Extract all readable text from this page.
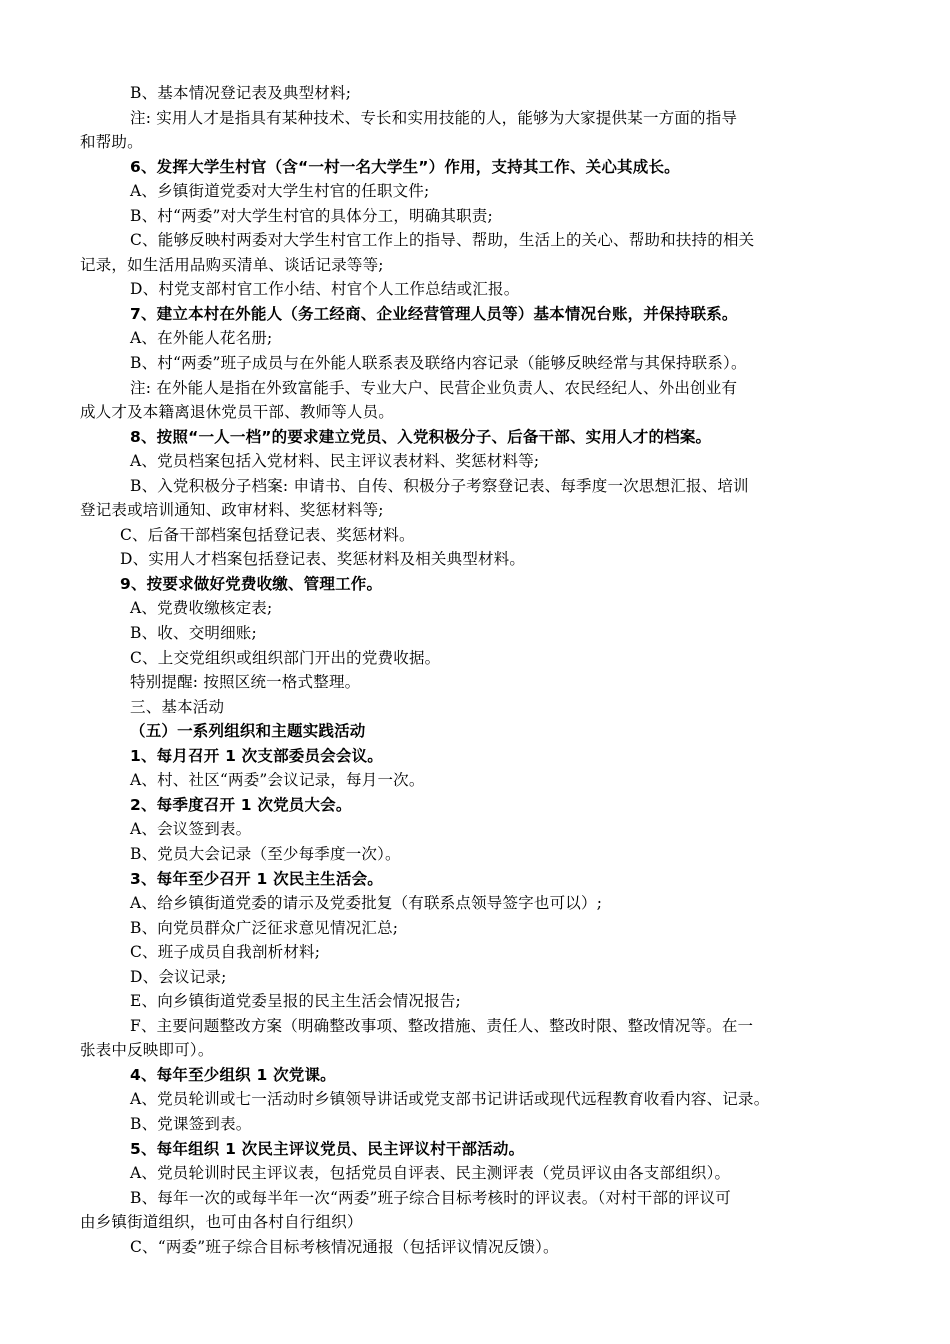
B、基本情况登记表及典型材料;
注: 实用人才是指具有某种技术、专长和实用技能的人，能够为大家提供某一方面的指导
和帮助。
6、发挥大学生村官（含“一村一名大学生”）作用，支持其工作、关心其成长。
A、乡镇街道党委对大学生村官的任职文件;
B、村“两委”对大学生村官的具体分工，明确其职责;
C、能够反映村两委对大学生村官工作上的指导、帮助，生活上的关心、帮助和扶持的相关
记录，如生活用品购买清单、谈话记录等等;
D、村党支部村官工作小结、村官个人工作总结或汇报。
7、建立本村在外能人（务工经商、企业经营管理人员等）基本情况台账，并保持联系。
A、在外能人花名册;
B、村“两委”班子成员与在外能人联系表及联络内容记录（能够反映经常与其保持联系）。
注: 在外能人是指在外致富能手、专业大户、民营企业负责人、农民经纪人、外出创业有
成人才及本籍离退休党员干部、教师等人员。
8、按照“一人一档”的要求建立党员、入党积极分子、后备干部、实用人才的档案。
A、党员档案包括入党材料、民主评议表材料、奖惩材料等;
B、入党积极分子档案: 申请书、自传、积极分子考察登记表、每季度一次思想汇报、培训
登记表或培训通知、政审材料、奖惩材料等;
C、后备干部档案包括登记表、奖惩材料。
D、实用人才档案包括登记表、奖惩材料及相关典型材料。
9、按要求做好党费收缴、管理工作。
A、党费收缴核定表;
B、收、交明细账;
C、上交党组织或组织部门开出的党费收据。
特别提醒: 按照区统一格式整理。
三、基本活动
（五）一系列组织和主题实践活动
1、每月召开 1 次支部委员会会议。
A、村、社区“两委”会议记录，每月一次。
2、每季度召开 1 次党员大会。
A、会议签到表。
B、党员大会记录（至少每季度一次）。
3、每年至少召开 1 次民主生活会。
A、给乡镇街道党委的请示及党委批复（有联系点领导签字也可以）;
B、向党员群众广泛征求意见情况汇总;
C、班子成员自我剖析材料;
D、会议记录;
E、向乡镇街道党委呈报的民主生活会情况报告;
F、主要问题整改方案（明确整改事项、整改措施、责任人、整改时限、整改情况等。在一
张表中反映即可）。
4、每年至少组织 1 次党课。
A、党员轮训或七一活动时乡镇领导讲话或党支部书记讲话或现代远程教育收看内容、记录。
B、党课签到表。
5、每年组织 1 次民主评议党员、民主评议村干部活动。
A、党员轮训时民主评议表，包括党员自评表、民主测评表（党员评议由各支部组织）。
B、每年一次的或每半年一次“两委”班子综合目标考核时的评议表。（对村干部的评议可
由乡镇街道组织，也可由各村自行组织）
C、“两委”班子综合目标考核情况通报（包括评议情况反馈）。
